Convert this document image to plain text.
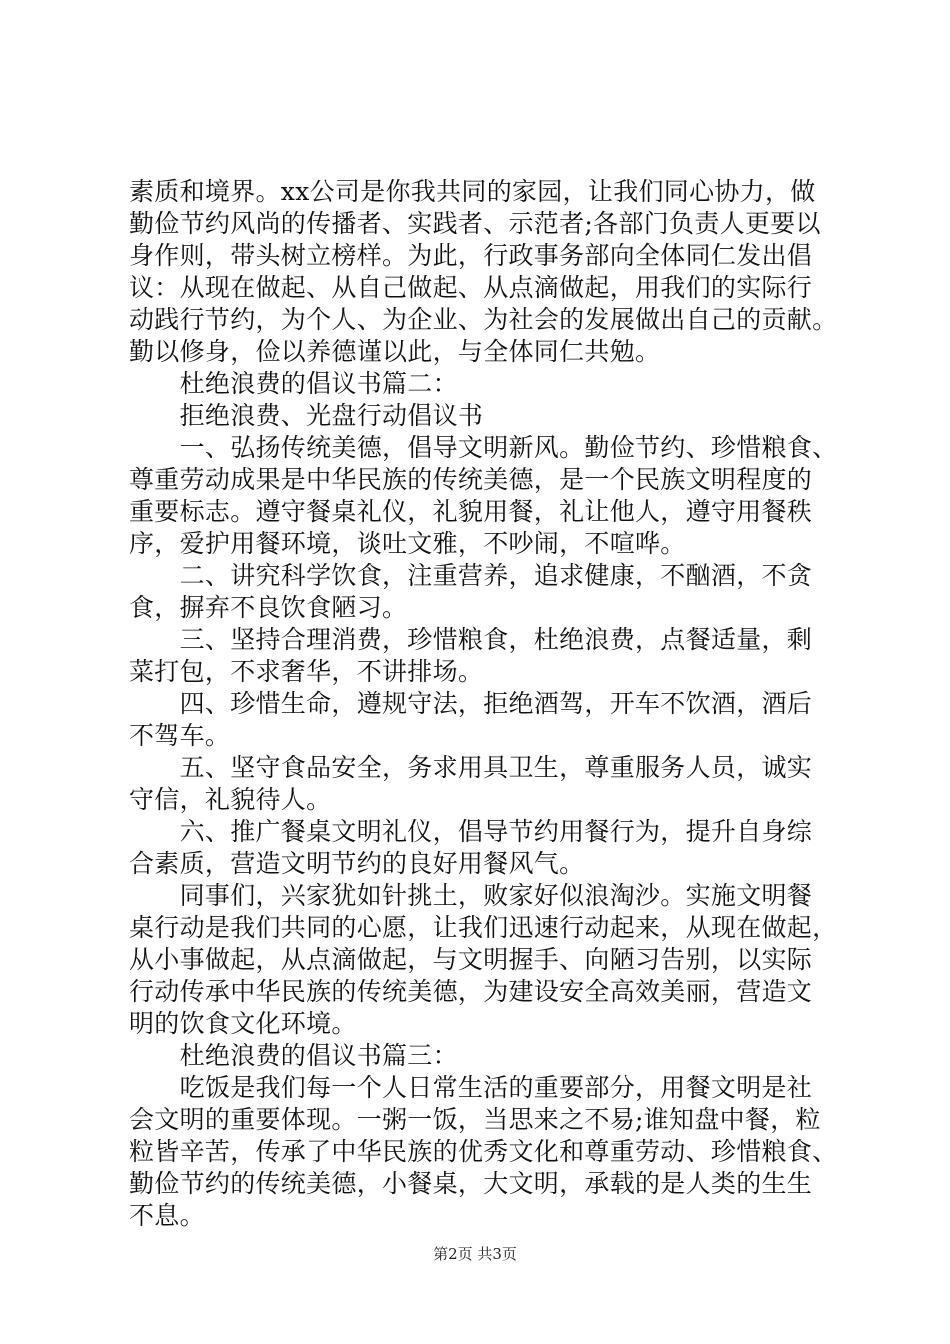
素质和境界。xx公司是你我共同的家园，让我们同心协力，做
勤俭节约风尚的传播者、实践者、示范者;各部门负责人更要以
身作则，带头树立榜样。为此，行政事务部向全体同仁发出倡
议：从现在做起、从自己做起、从点滴做起，用我们的实际行
动践行节约，为个人、为企业、为社会的发展做出自己的贡献。
勤以修身，俭以养德谨以此，与全体同仁共勉。
　　杜绝浪费的倡议书篇二：
　　拒绝浪费、光盘行动倡议书
　　一、弘扬传统美德，倡导文明新风。勤俭节约、珍惜粮食、
尊重劳动成果是中华民族的传统美德，是一个民族文明程度的
重要标志。遵守餐桌礼仪，礼貌用餐，礼让他人，遵守用餐秩
序，爱护用餐环境，谈吐文雅，不吵闹，不喧哗。
　　二、讲究科学饮食，注重营养，追求健康，不酗酒，不贪
食，摒弃不良饮食陋习。
　　三、坚持合理消费，珍惜粮食，杜绝浪费，点餐适量，剩
菜打包，不求奢华，不讲排场。
　　四、珍惜生命，遵规守法，拒绝酒驾，开车不饮酒，酒后
不驾车。
　　五、坚守食品安全，务求用具卫生，尊重服务人员，诚实
守信，礼貌待人。
　　六、推广餐桌文明礼仪，倡导节约用餐行为，提升自身综
合素质，营造文明节约的良好用餐风气。
　　同事们，兴家犹如针挑土，败家好似浪淘沙。实施文明餐
桌行动是我们共同的心愿，让我们迅速行动起来，从现在做起，
从小事做起，从点滴做起，与文明握手、向陋习告别，以实际
行动传承中华民族的传统美德，为建设安全高效美丽，营造文
明的饮食文化环境。
　　杜绝浪费的倡议书篇三：
　　吃饭是我们每一个人日常生活的重要部分，用餐文明是社
会文明的重要体现。一粥一饭，当思来之不易;谁知盘中餐，粒
粒皆辛苦，传承了中华民族的优秀文化和尊重劳动、珍惜粮食、
勤俭节约的传统美德，小餐桌，大文明，承载的是人类的生生
不息。
第2页 共3页
